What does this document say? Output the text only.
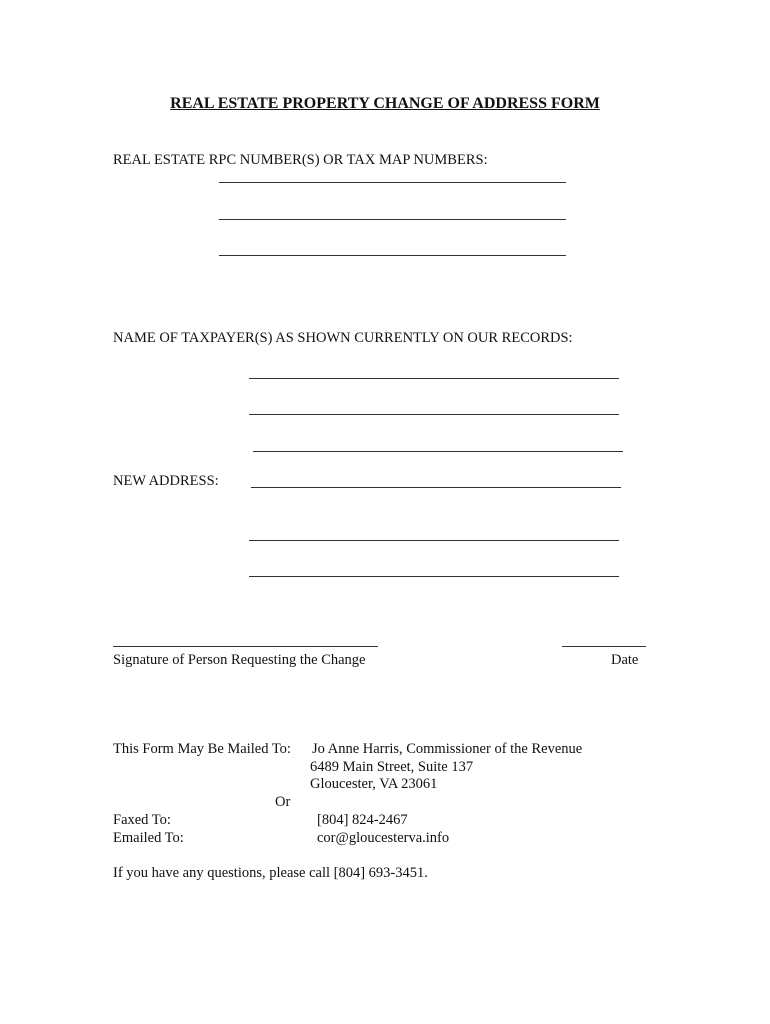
REAL ESTATE PROPERTY CHANGE OF ADDRESS FORM
REAL ESTATE RPC NUMBER(S) OR TAX MAP NUMBERS:
NAME OF TAXPAYER(S) AS SHOWN CURRENTLY ON OUR RECORDS:
NEW ADDRESS:
Signature of Person Requesting the Change	Date
This Form May Be Mailed To: Jo Anne Harris, Commissioner of the Revenue
6489 Main Street, Suite 137
Gloucester, VA 23061
Or
Faxed To:	[804] 824-2467
Emailed To:	cor@gloucesterva.info
If you have any questions, please call [804] 693-3451.
